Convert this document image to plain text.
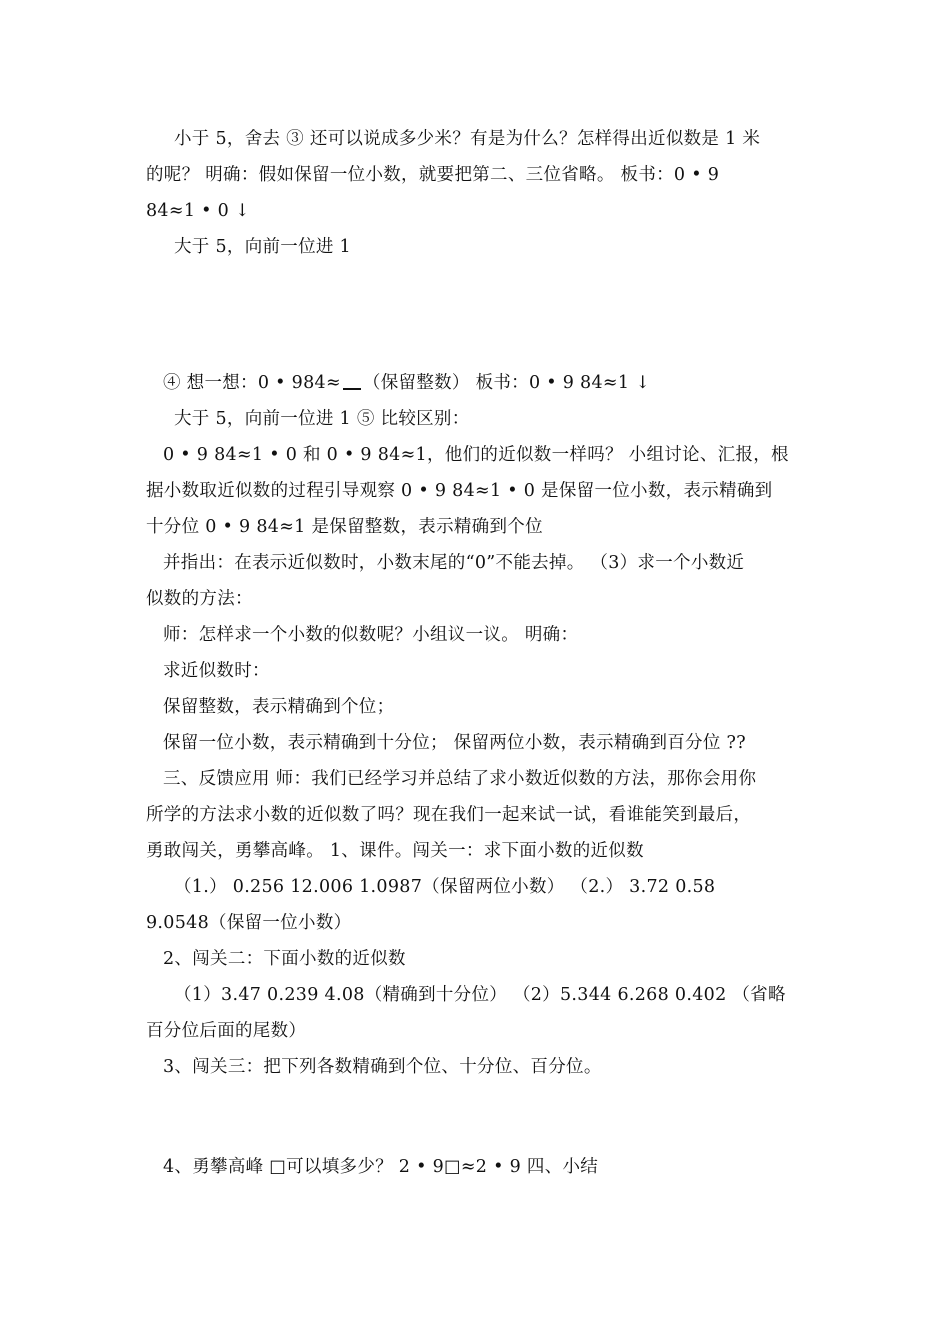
小于 5，舍去 ③ 还可以说成多少米？有是为什么？怎样得出近似数是 1 米
的呢？ 明确：假如保留一位小数，就要把第二、三位省略。 板书：0 • 9
84≈1 • 0 ↓
大于 5，向前一位进 1
④ 想一想：0 • 984≈ （保留整数） 板书：0 • 9 84≈1 ↓
大于 5，向前一位进 1 ⑤ 比较区别：
0 • 9 84≈1 • 0 和 0 • 9 84≈1，他们的近似数一样吗？ 小组讨论、汇报，根
据小数取近似数的过程引导观察 0 • 9 84≈1 • 0 是保留一位小数，表示精确到
十分位 0 • 9 84≈1 是保留整数，表示精确到个位
并指出：在表示近似数时，小数末尾的“0”不能去掉。 （3）求一个小数近
似数的方法：
师：怎样求一个小数的似数呢？小组议一议。 明确：
求近似数时：
保留整数，表示精确到个位；
保留一位小数，表示精确到十分位； 保留两位小数，表示精确到百分位 ??
三、反馈应用 师：我们已经学习并总结了求小数近似数的方法，那你会用你
所学的方法求小数的近似数了吗？现在我们一起来试一试，看谁能笑到最后，
勇敢闯关，勇攀高峰。 1、课件。闯关一：求下面小数的近似数
（1.） 0.256 12.006 1.0987（保留两位小数） （2.） 3.72 0.58
9.0548（保留一位小数）
2、闯关二：下面小数的近似数
（1）3.47 0.239 4.08（精确到十分位） （2）5.344 6.268 0.402 （省略
百分位后面的尾数）
3、闯关三：把下列各数精确到个位、十分位、百分位。
4、勇攀高峰 □可以填多少？ 2 • 9□≈2 • 9 四、小结
